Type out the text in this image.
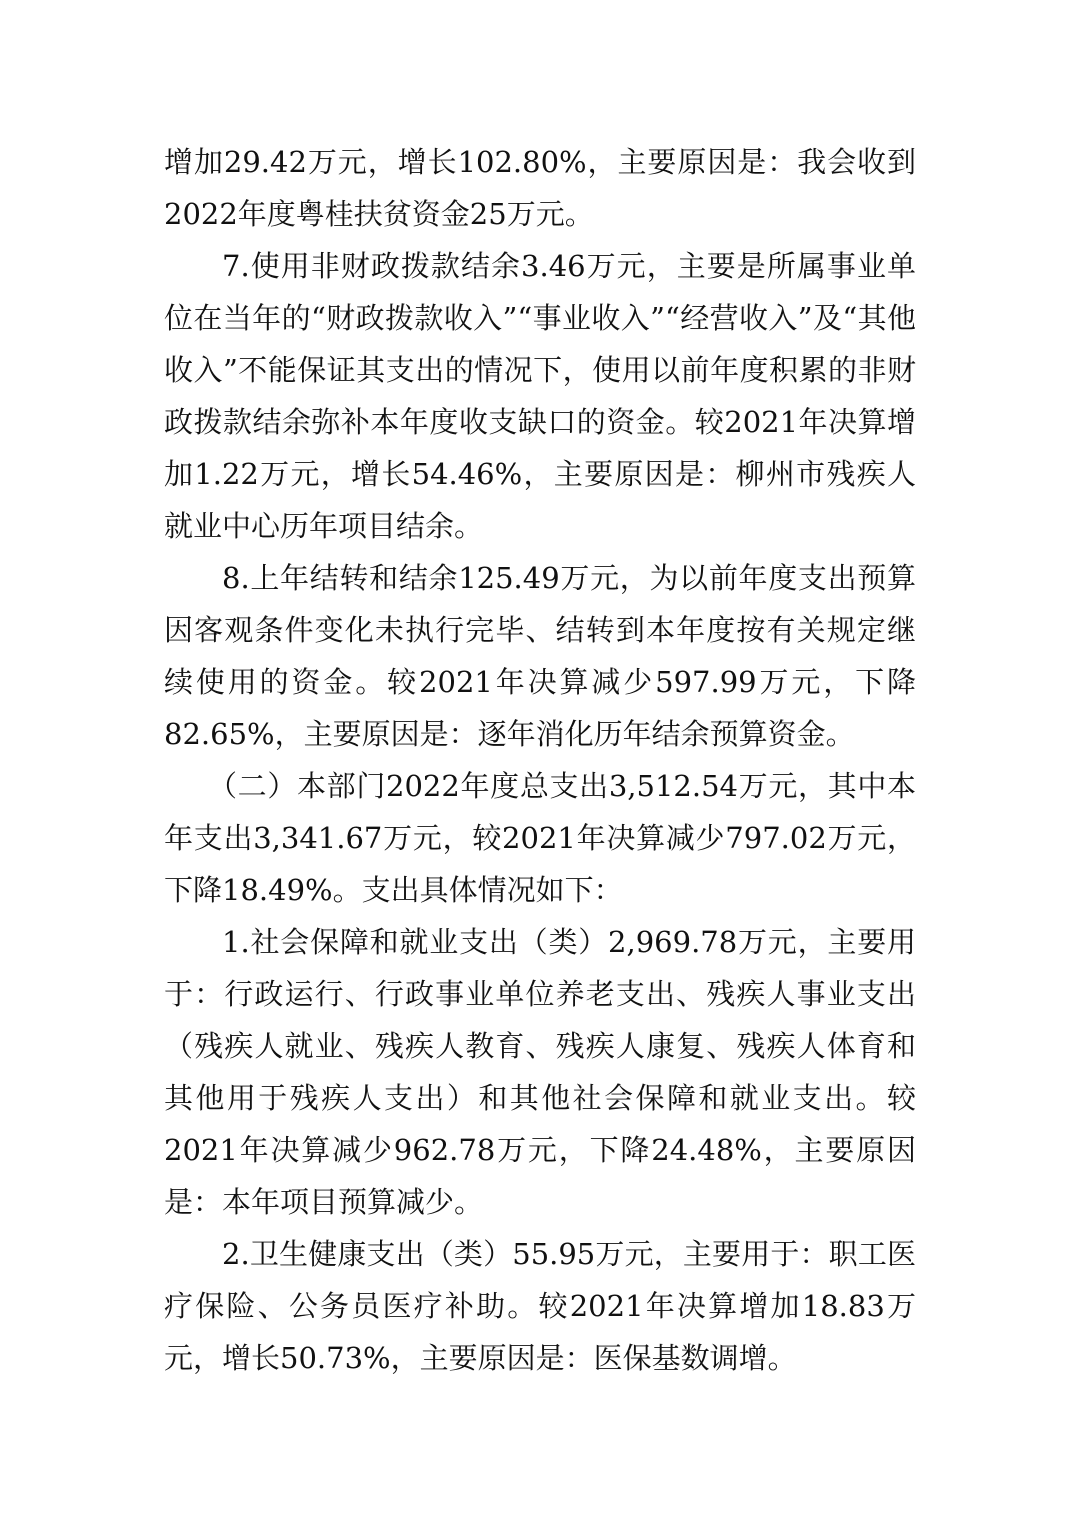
增加29.42万元，增长102.80%，主要原因是：我会收到2022年度粤桂扶贫资金25万元。

7.使用非财政拨款结余3.46万元，主要是所属事业单位在当年的“财政拨款收入”“事业收入”“经营收入”及“其他收入”不能保证其支出的情况下，使用以前年度积累的非财政拨款结余弥补本年度收支缺口的资金。较2021年决算增加1.22万元，增长54.46%，主要原因是：柳州市残疾人就业中心历年项目结余。

8.上年结转和结余125.49万元，为以前年度支出预算因客观条件变化未执行完毕、结转到本年度按有关规定继续使用的资金。较2021年决算减少597.99万元，下降82.65%，主要原因是：逐年消化历年结余预算资金。

（二）本部门2022年度总支出3,512.54万元，其中本年支出3,341.67万元，较2021年决算减少797.02万元，下降18.49%。支出具体情况如下：

1.社会保障和就业支出（类）2,969.78万元，主要用于：行政运行、行政事业单位养老支出、残疾人事业支出（残疾人就业、残疾人教育、残疾人康复、残疾人体育和其他用于残疾人支出）和其他社会保障和就业支出。较2021年决算减少962.78万元，下降24.48%，主要原因是：本年项目预算减少。

2.卫生健康支出（类）55.95万元，主要用于：职工医疗保险、公务员医疗补助。较2021年决算增加18.83万元，增长50.73%，主要原因是：医保基数调增。
